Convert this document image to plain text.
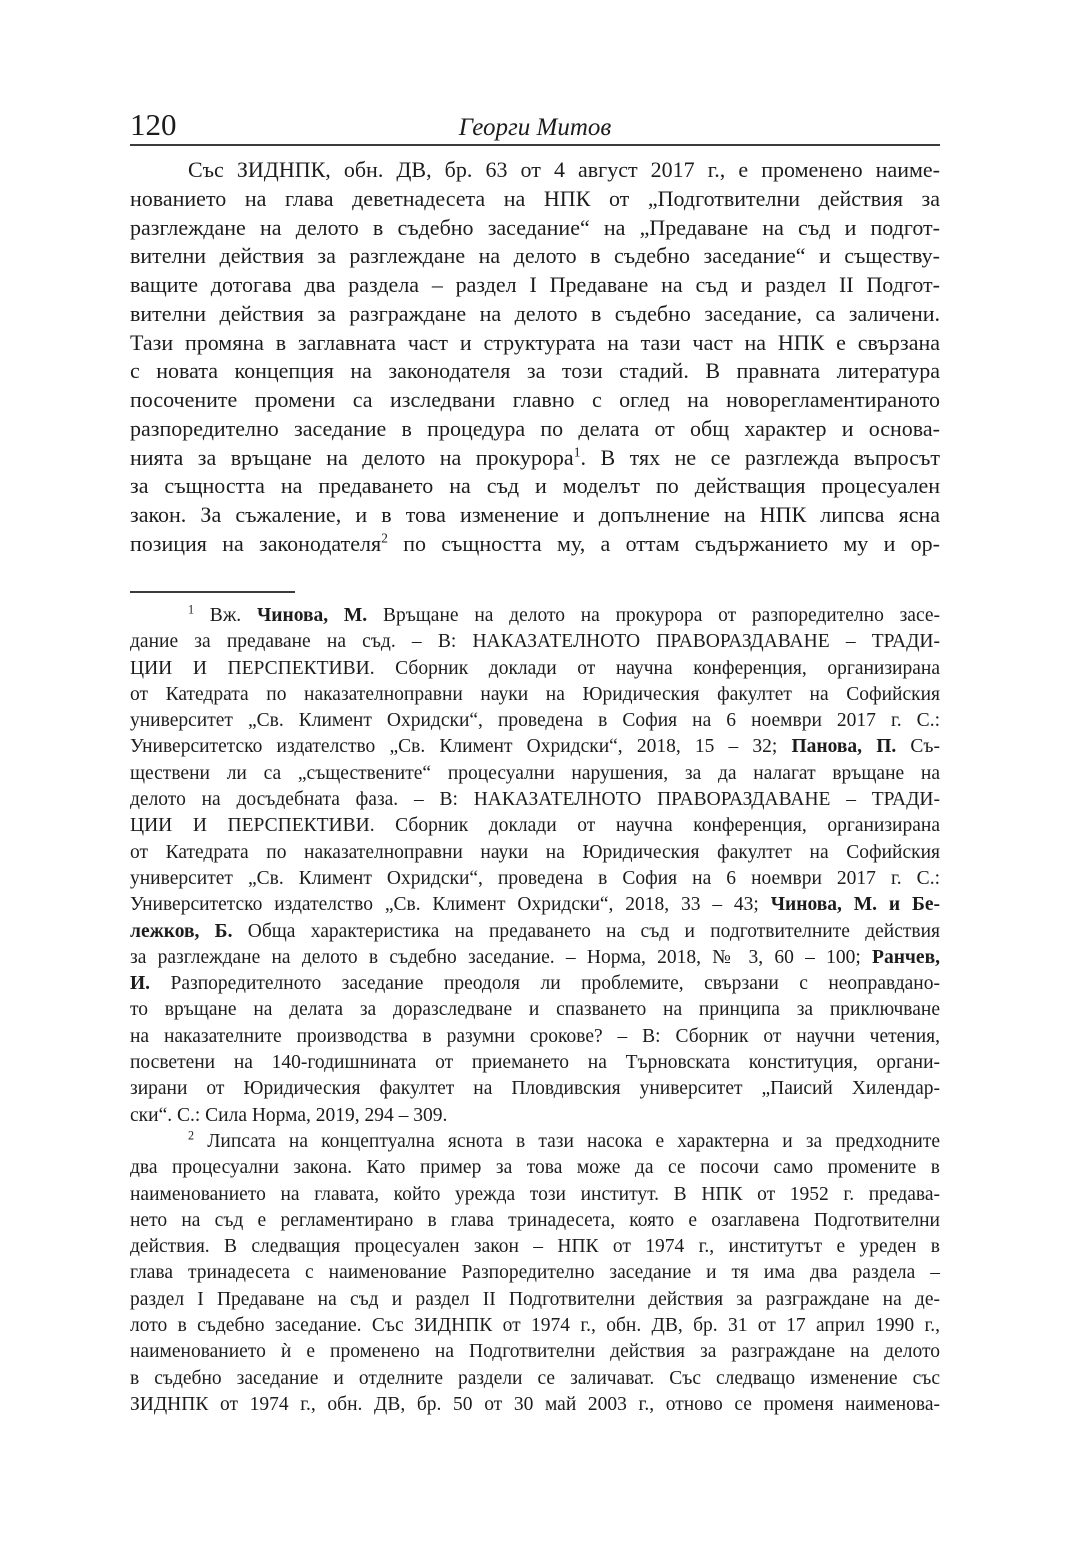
120	Георги Митов
Със ЗИДНПК, обн. ДВ, бр. 63 от 4 август 2017 г., е променено наиме-
нованието на глава деветнадесета на НПК от „Подготвителни действия за
разглеждане на делото в съдебно заседание“ на „Предаване на съд и подгот-
вителни действия за разглеждане на делото в съдебно заседание“ и съществу-
ващите дотогава два раздела – раздел I Предаване на съд и раздел II Подгот-
вителни действия за разграждане на делото в съдебно заседание, са заличени.
Тази промяна в заглавната част и структурата на тази част на НПК е свързана
с новата концепция на законодателя за този стадий. В правната литература
посочените промени са изследвани главно с оглед на новорегламентираното
разпоредително заседание в процедура по делата от общ характер и основа-
нията за връщане на делото на прокурора$^1$. В тях не се разглежда въпросът
за същността на предаването на съд и моделът по действащия процесуален
закон. За съжаление, и в това изменение и допълнение на НПК липсва ясна
позиция на законодателя$^2$ по същността му, а оттам съдържанието му и ор-
$^1$ Вж. Чинова, М. Връщане на делото на прокурора от разпоредително засе-
дание за предаване на съд. – В: НАКАЗАТЕЛНОТО ПРАВОРАЗДАВАНЕ – ТРАДИ-
ЦИИ И ПЕРСПЕКТИВИ. Сборник доклади от научна конференция, организирана
от Катедрата по наказателноправни науки на Юридическия факултет на Софийския
университет „Св. Климент Охридски“, проведена в София на 6 ноември 2017 г. С.:
Университетско издателство „Св. Климент Охридски“, 2018, 15 – 32; Панова, П. Съ-
ществени ли са „съществените“ процесуални нарушения, за да налагат връщане на
делото на досъдебната фаза. – В: НАКАЗАТЕЛНОТО ПРАВОРАЗДАВАНЕ – ТРАДИ-
ЦИИ И ПЕРСПЕКТИВИ. Сборник доклади от научна конференция, организирана
от Катедрата по наказателноправни науки на Юридическия факултет на Софийския
университет „Св. Климент Охридски“, проведена в София на 6 ноември 2017 г. С.:
Университетско издателство „Св. Климент Охридски“, 2018, 33 – 43; Чинова, М. и Бе-
лежков, Б. Обща характеристика на предаването на съд и подготвителните действия
за разглеждане на делото в съдебно заседание. – Норма, 2018, № 3, 60 – 100; Ранчев,
И. Разпоредителното заседание преодоля ли проблемите, свързани с неоправдано-
то връщане на делата за доразследване и спазването на принципа за приключване
на наказателните производства в разумни срокове? – В: Сборник от научни четения,
посветени на 140-годишнината от приемането на Търновската конституция, органи-
зирани от Юридическия факултет на Пловдивския университет „Паисий Хилендар-
ски“. С.: Сила Норма, 2019, 294 – 309.
$^2$ Липсата на концептуална яснота в тази насока е характерна и за предходните
два процесуални закона. Като пример за това може да се посочи само промените в
наименованието на главата, който урежда този институт. В НПК от 1952 г. предава-
нето на съд е регламентирано в глава тринадесета, която е озаглавена Подготвителни
действия. В следващия процесуален закон – НПК от 1974 г., институтът е уреден в
глава тринадесета с наименование Разпоредително заседание и тя има два раздела –
раздел I Предаване на съд и раздел II Подготвителни действия за разграждане на де-
лото в съдебно заседание. Със ЗИДНПК от 1974 г., обн. ДВ, бр. 31 от 17 април 1990 г.,
наименованието ѝ е променено на Подготвителни действия за разграждане на делото
в съдебно заседание и отделните раздели се заличават. Със следващо изменение със
ЗИДНПК от 1974 г., обн. ДВ, бр. 50 от 30 май 2003 г., отново се променя наименова-
